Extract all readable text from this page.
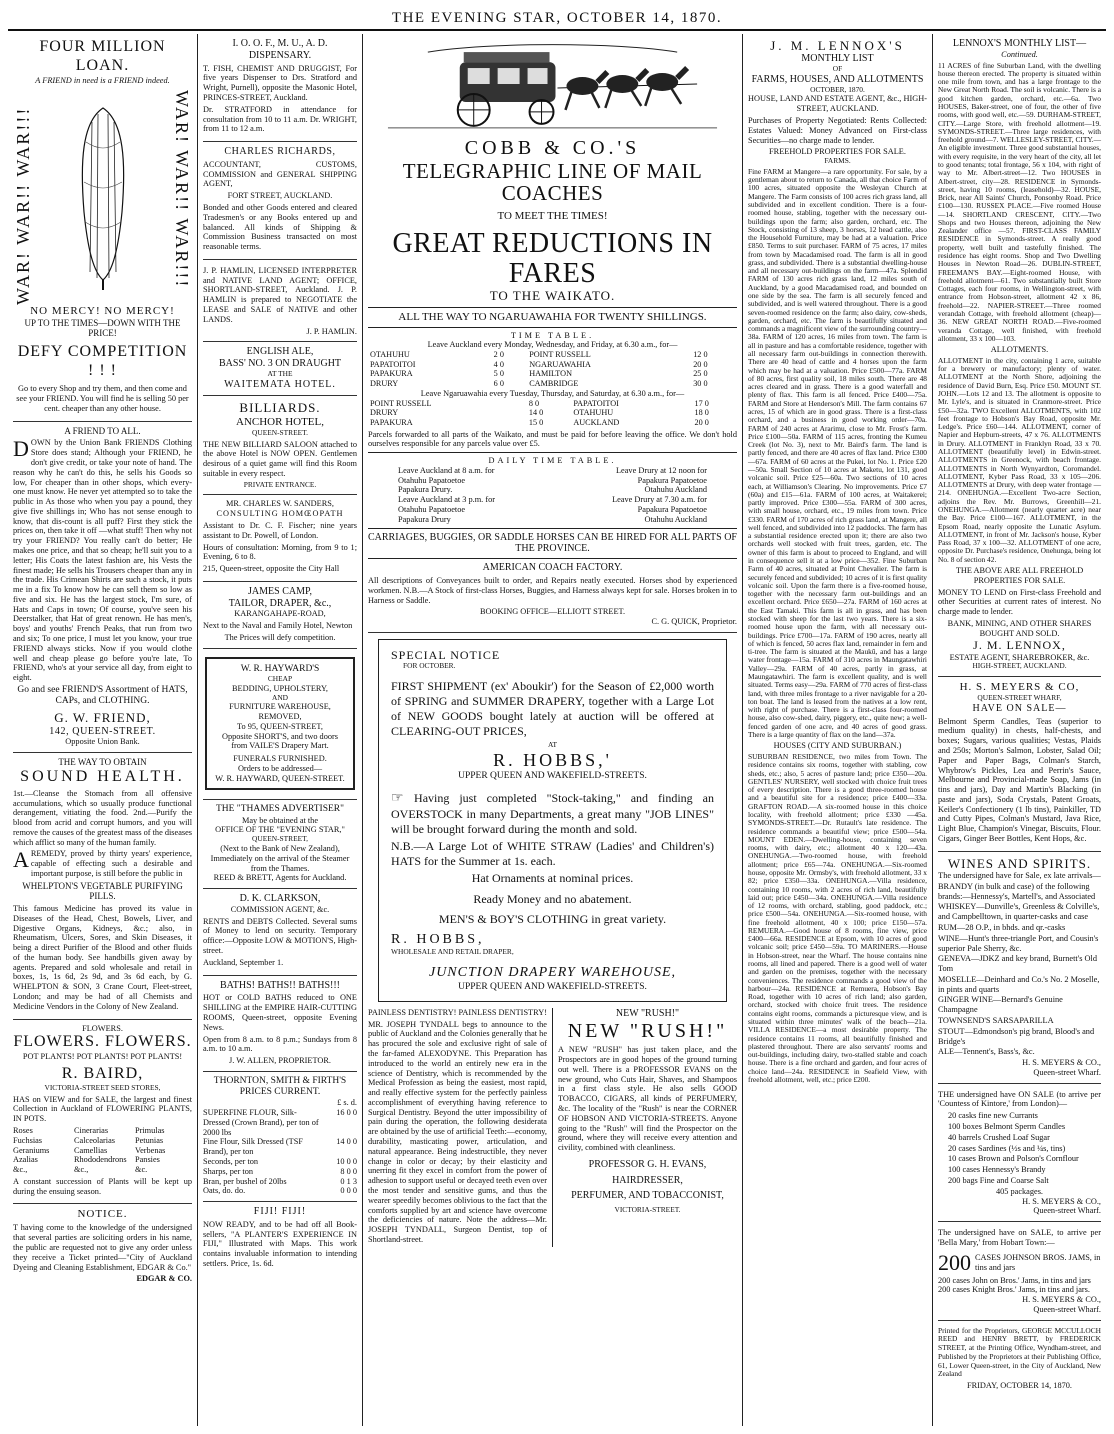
THE EVENING STAR, OCTOBER 14, 1870.
FOUR MILLION LOAN.
A FRIEND in need is a FRIEND indeed.
WAR! WAR!! WAR!!!	WAR! WAR!! WAR!!!
NO MERCY! NO MERCY!
UP TO THE TIMES—DOWN WITH THE PRICE!
DEFY COMPETITION ! ! !

Go to every Shop and try them, and then come and see your FRIEND. You will find he is selling 50 per cent. cheaper than any other house.

A FRIEND TO ALL.

DOWN by the Union Bank FRIENDS Clothing Store does stand; Although your FRIEND, he don't give credit, or take your note of hand. The reason why he can't do this, he sells his Goods so low, For cheaper than in other shops, which every-one must know. He never yet attempted so to take the public in As those who when you pay a pound, they give five shillings in; Who has not sense enough to know, that dis-count is all puff? First they stick the prices on, then take it off —what stuff! Then why not try your FRIEND? You really can't do better; He makes one price, and that so cheap; he'll suit you to a letter; His Coats the latest fashion are, his Vests the finest made; He sells his Trousers cheaper than any in the trade. His Crimean Shirts are such a stock, it puts me in a fix To know how he can sell them so low as five and six. He has the largest stock, I'm sure, of Hats and Caps in town; Of course, you've seen his Deerstalker, that Hat of great renown. He has men's, boys' and youths' French Peaks, that run from two and six; To one price, I must let you know, your true FRIEND always sticks. Now if you would clothe well and cheap please go before you're late, To FRIEND, who's at your service all day, from eight to eight.

Go and see FRIEND'S Assortment of HATS, CAPs, and CLOTHING.
G. W. FRIEND,
142, QUEEN-STREET.
Opposite Union Bank.
THE WAY TO OBTAIN
SOUND HEALTH.

1st.—Cleanse the Stomach from all offensive accumulations, which so usually produce functional derangement, vitiating the food. 2nd.—Purify the blood from acrid and corrupt humors, and you will remove the causes of the greatest mass of the diseases which afflict so many of the human family.

AREMEDY, proved by thirty years' experience, capable of effecting such a desirable and important purpose, is still before the public in

WHELPTON'S VEGETABLE PURIFYING PILLS.

This famous Medicine has proved its value in Diseases of the Head, Chest, Bowels, Liver, and Digestive Organs, Kidneys, &c.; also, in Rheumatism, Ulcers, Sores, and Skin Diseases, it being a direct Purifier of the Blood and other fluids of the human body. See handbills given away by agents. Prepared and sold wholesale and retail in boxes, 1s, 1s 6d, 2s 9d, and 3s 6d each, by G. WHELPTON & SON, 3 Crane Court, Fleet-street, London; and may be had of all Chemists and Medicine Vendors in the Colony of New Zealand.

FLOWERS.
FLOWERS. FLOWERS.
POT PLANTS! POT PLANTS! POT PLANTS!
R. BAIRD,
VICTORIA-STREET SEED STORES,

HAS on VIEW and for SALE, the largest and finest Collection in Auckland of FLOWERING PLANTS, IN POTS.

Roses	Cinerarias	Primulas
Fuchsias	Calceolarias	Petunias
Geraniums	Camellias	Verbenas
Azalias	Rhododendrons	Pansies
&c.,	&c.,	&c.

A constant succession of Plants will be kept up during the ensuing season.

NOTICE.

T having come to the knowledge of the undersigned that several parties are soliciting orders in his name, the public are requested not to give any order unless they receive a Ticket printed—"City of Auckland Dyeing and Cleaning Establishment, EDGAR & Co."

EDGAR & CO.
I. O. O. F., M. U., A. D. DISPENSARY.

T. FISH, CHEMIST AND DRUGGIST, For five years Dispenser to Drs. Stratford and Wright, Purnell), opposite the Masonic Hotel, PRINCES-STREET, Auckland.

Dr. STRATFORD in attendance for consultation from 10 to 11 a.m. Dr. WRIGHT, from 11 to 12 a.m.

CHARLES RICHARDS,

ACCOUNTANT, CUSTOMS, COMMISSION and GENERAL SHIPPING AGENT,

FORT STREET, AUCKLAND.

Bonded and other Goods entered and cleared Tradesmen's or any Books entered up and balanced. All kinds of Shipping & Commission Business transacted on most reasonable terms.

J. P. HAMLIN, LICENSED INTERPRETER and NATIVE LAND AGENT; OFFICE, SHORTLAND-STREET, Auckland. J. P. HAMLIN is prepared to NEGOTIATE the LEASE and SALE of NATIVE and other LANDS.

J. P. HAMLIN.
ENGLISH ALE,
BASS' NO. 3 ON DRAUGHT
AT THE
WAITEMATA HOTEL.
BILLIARDS.
ANCHOR HOTEL,
QUEEN-STREET.

THE NEW BILLIARD SALOON attached to the above Hotel is NOW OPEN. Gentlemen desirous of a quiet game will find this Room suitable in every respect.

PRIVATE ENTRANCE.
MR. CHARLES W. SANDERS,
CONSULTING HOMŒOPATH

Assistant to Dr. C. F. Fischer; nine years assistant to Dr. Powell, of London.

Hours of consultation: Morning, from 9 to 1; Evening, 6 to 8.

215, Queen-street, opposite the City Hall

JAMES CAMP,
TAILOR, DRAPER, &c.,
KARANGAHAPE-ROAD,

Next to the Naval and Family Hotel, Newton

The Prices will defy competition.
W. R. HAYWARD'S
CHEAP
BEDDING, UPHOLSTERY,
AND
FURNITURE WAREHOUSE,
REMOVED,
To 95, QUEEN-STREET,
Opposite SHORT'S, and two doors from VAILE'S Drapery Mart.
FUNERALS FURNISHED.
Orders to be addressed—
W. R. HAYWARD, QUEEN-STREET.
THE "THAMES ADVERTISER"
May be obtained at the
OFFICE OF THE "EVENING STAR,"
QUEEN-STREET,
(Next to the Bank of New Zealand),
Immediately on the arrival of the Steamer from the Thames.
REED & BRETT, Agents for Auckland.
D. K. CLARKSON,
COMMISSION AGENT, &c.

RENTS and DEBTS Collected. Several sums of Money to lend on security. Temporary office:—Opposite LOW & MOTION'S, High-street.

Auckland, September 1.

BATHS! BATHS!! BATHS!!!

HOT or COLD BATHS reduced to ONE SHILLING at the EMPIRE HAIR-CUTTING ROOMS, Queen-street, opposite Evening News.

Open from 8 a.m. to 8 p.m.; Sundays from 8 a.m. to 10 a.m.

J. W. ALLEN, PROPRIETOR.
THORNTON, SMITH & FIRTH'S PRICES CURRENT.
£ s. d.
SUPERFINE FLOUR, Silk-Dressed (Crown Brand), per ton of 2000 lbs
16 0 0
Fine Flour, Silk Dressed (TSF Brand), per ton
14 0 0
Seconds, per ton	10 0 0
Sharps, per ton	8 0 0
Bran, per bushel of 20lbs	0 1 3
Oats, do. do.	0 0 0
FIJI! FIJI!

NOW READY, and to be had off all Book-sellers, "A PLANTER'S EXPERIENCE IN FIJI," Illustrated with Maps. This work contains invaluable information to intending settlers. Price, 1s. 6d.

COBB & CO.'S
TELEGRAPHIC LINE OF MAIL COACHES
TO MEET THE TIMES!
GREAT REDUCTIONS IN FARES
TO THE WAIKATO.
ALL THE WAY TO NGARUAWAHIA FOR TWENTY SHILLINGS.
TIME TABLE.
Leave Auckland every Monday, Wednesday, and Friday, at 6.30 a.m., for—
OTAHUHU	2 0	POINT RUSSELL	12 0
PAPATOITOI	4 0	NGARUAWAHIA	20 0
PAPAKURA	5 0	HAMILTON	25 0
DRURY	6 0	CAMBRIDGE	30 0
Leave Ngaruawahia every Tuesday, Thursday, and Saturday, at 6.30 a.m., for—
POINT RUSSELL	8 0	PAPATOITOI	17 0
DRURY	14 0	OTAHUHU	18 0
PAPAKURA	15 0	AUCKLAND	20 0

Parcels forwarded to all parts of the Waikato, and must be paid for before leaving the office. We don't hold ourselves responsible for any parcels value over £5.

DAILY TIME TABLE.
Leave Auckland at 8 a.m. for	Leave Drury at 12 noon for
Otahuhu Papatoetoe	Papakura Papatoetoe
Papakura Drury.	Otahuhu Auckland
Leave Auckland at 3 p.m. for	Leave Drury at 7.30 a.m. for
Otahuhu Papatoetoe	Papakura Papatoetoe
Papakura Drury	Otahuhu Auckland
CARRIAGES, BUGGIES, OR SADDLE HORSES CAN BE HIRED FOR ALL PARTS OF THE PROVINCE.
AMERICAN COACH FACTORY.

All descriptions of Conveyances built to order, and Repairs neatly executed. Horses shod by experienced workmen. N.B.—A Stock of first-class Horses, Buggies, and Harness always kept for sale. Horses broken in to Harness or Saddle.

BOOKING OFFICE—ELLIOTT STREET.
C. G. QUICK, Proprietor.
SPECIAL NOTICE
FOR OCTOBER.

FIRST SHIPMENT (ex' Aboukir') for the Season of £2,000 worth of SPRING and SUMMER DRAPERY, together with a Large Lot of NEW GOODS bought lately at auction will be offered at CLEARING-OUT PRICES,

AT
R. HOBBS,'
UPPER QUEEN AND WAKEFIELD-STREETS.

☞ Having just completed "Stock-taking," and finding an OVERSTOCK in many Departments, a great many "JOB LINES" will be brought forward during the month and sold.

N.B.—A Large Lot of WHITE STRAW (Ladies' and Children's) HATS for the Summer at 1s. each.

Hat Ornaments at nominal prices.
Ready Money and no abatement.
MEN'S & BOY'S CLOTHING in great variety.
R. HOBBS,
WHOLESALE AND RETAIL DRAPER,
JUNCTION DRAPERY WAREHOUSE,
UPPER QUEEN AND WAKEFIELD-STREETS.
PAINLESS DENTISTRY! PAINLESS DENTISTRY!

MR. JOSEPH TYNDALL begs to announce to the public of Auckland and the Colonies generally that he has procured the sole and exclusive right of sale of the far-famed ALEXODYNE. This Preparation has introduced to the world an entirely new era in the science of Dentistry, which is recommended by the Medical Profession as being the easiest, most rapid, and really effective system for the perfectly painless accomplishment of everything having reference to Surgical Dentistry. Beyond the utter impossibility of pain during the operation, the following desiderata are obtained by the use of artificial Teeth:—economy, durability, masticating power, articulation, and natural appearance. Being indestructible, they never change in color or decay; by their elasticity and unerring fit they excel in comfort from the power of adhesion to support useful or decayed teeth even over the most tender and sensitive gums, and thus the wearer speedily becomes oblivious to the fact that the comforts supplied by art and science have overcome the deficiencies of nature. Note the address—Mr. JOSEPH TYNDALL, Surgeon Dentist, top of Shortland-street.

NEW "RUSH!"
NEW "RUSH!"

A NEW "RUSH" has just taken place, and the Prospectors are in good hopes of the ground turning out well. There is a PROFESSOR EVANS on the new ground, who Cuts Hair, Shaves, and Shampoos in a first class style. He also sells GOOD TOBACCO, CIGARS, all kinds of PERFUMERY, &c. The locality of the "Rush" is near the CORNER OF HOBSON AND VICTORIA-STREETS. Anyone going to the "Rush" will find the Prospector on the ground, where they will receive every attention and civility, combined with cleanliness.

PROFESSOR G. H. EVANS,
HAIRDRESSER,
PERFUMER, AND TOBACCONIST,
VICTORIA-STREET.
J. M. LENNOX'S
MONTHLY LIST
OF
FARMS, HOUSES, AND ALLOTMENTS
OCTOBER, 1870.
HOUSE, LAND AND ESTATE AGENT, &c., HIGH-STREET, AUCKLAND.

Purchases of Property Negotiated: Rents Collected: Estates Valued: Money Advanced on First-class Securities—no charge made to lender.

FREEHOLD PROPERTIES FOR SALE.
FARMS.

Fine FARM at Mangere—a rare opportunity. For sale, by a gentleman about to return to Canada, all that choice Farm of 100 acres, situated opposite the Wesleyan Church at Mangere. The Farm consists of 100 acres rich grass land, all subdivided and in excellent condition. There is a four-roomed house, stabling, together with the necessary out-buildings upon the farm; also garden, orchard, etc. The Stock, consisting of 13 sheep, 3 horses, 12 head cattle, also the Household Furniture, may be had at a valuation. Price £850. Terms to suit purchaser. FARM of 75 acres, 17 miles from town by Macadamised road. The farm is all in good grass, and subdivided. There is a substantial dwelling-house and all necessary out-buildings on the farm—47a. Splendid FARM of 130 acres rich grass land, 12 miles south of Auckland, by a good Macadamised road, and bounded on one side by the sea. The farm is all securely fenced and subdivided, and is well watered throughout. There is a good seven-roomed residence on the farm; also dairy, cow-sheds, garden, orchard, etc. The farm is beautifully situated and commands a magnificent view of the surrounding country—38a. FARM of 120 acres, 16 miles from town. The farm is all in pasture and has a comfortable residence, together with all necessary farm out-buildings in connection therewith. There are 40 head of cattle and 4 horses upon the farm which may be had at a valuation. Price £500—77a. FARM of 80 acres, first quality soil, 18 miles south. There are 48 acres cleared and in grass. There is a good waterfall and plenty of flax. This farm is all fenced. Price £400—75a. FARM and Store at Henderson's Mill. The farm contains 67 acres, 15 of which are in good grass. There is a first-class orchard, and a business in good working order—70a. FARM of 240 acres at Ararimu, close to Mr. Frost's farm. Price £100—50a. FARM of 115 acres, fronting the Kumeu Creek (lot No. 3), next to Mr. Baird's farm. The land is partly fenced, and there are 40 acres of flax land. Price £300—67a. FARM of 60 acres at the Pukei, lot No. 1. Price £20 —50a. Small Section of 10 acres at Maketu, lot 131, good volcanic soil. Price £25—60a. Two sections of 10 acres each, at Williamson's Clearing. No improvements. Price £7 (60a) and £15—61a. FARM of 100 acres, at Waitakerei; partly improved. Price £300—55a. FARM of 300 acres, with small house, orchard, etc., 19 miles from town. Price £330. FARM of 170 acres of rich grass land, at Mangere, all well fenced, and subdivided into 12 paddocks. The farm has a substantial residence erected upon it; there are also two orchards well stocked with fruit trees, garden, etc. The owner of this farm is about to proceed to England, and will in consequence sell it at a low price—352. Fine Suburban Farm of 40 acres, situated at Point Chevalier. The farm is securely fenced and subdivided; 10 acres of it is first quality volcanic soil. Upon the farm there is a five-roomed house, together with the necessary farm out-buildings and an excellent orchard. Price £650—27a. FARM of 160 acres at the East Tamaki. This farm is all in grass, and has been stocked with sheep for the last two years. There is a six-roomed house upon the farm, with all necessary out-buildings. Price £700—17a. FARM of 190 acres, nearly all of which is fenced, 50 acres flax land, remainder in fern and ti-tree. The farm is situated at the Maukū, and has a large water frontage—15a. FARM of 310 acres in Maungatawhiri Valley—29a. FARM of 40 acres, partly in grass, at Maungatawhiri. The farm is excellent quality, and is well situated. Terms easy—29a. FARM of 770 acres of first-class land, with three miles frontage to a river navigable for a 20-ton boat. The land is leased from the natives at a low rent, with right of purchase. There is a first-class four-roomed house, also cow-shed, dairy, piggery, etc., quite new; a well-fenced garden of one acre, and 40 acres of good grass. There is a large quantity of flax on the land—37a.

HOUSES (CITY AND SUBURBAN.)

SUBURBAN RESIDENCE, two miles from Town. The residence contains six rooms, together with stabling, cow sheds, etc.; also, 5 acres of pasture land; price £350—20a. GENTLES' NURSERY, well stocked with choice fruit trees of every description. There is a good three-roomed house and a beautiful site for a residence; price £400—33a. GRAFTON ROAD.—A six-roomed house in this choice locality, with freehold allotment; price £330 —45a. SYMONDS-STREET.—Dr. Rutault's late residence. The residence commands a beautiful view; price £500—54a. MOUNT EDEN.—Dwelling-house, containing seven rooms, with dairy, etc.; allotment 40 x 120—43a. ONEHUNGA.—Two-roomed house, with freehold allotment; price £65—74a. ONEHUNGA.—Six-roomed house, opposite Mr. Ormsby's, with freehold allotment, 33 x 82; price £350—33a. ONEHUNGA.—Villa residence, containing 10 rooms, with 2 acres of rich land, beautifully laid out; price £450—34a. ONEHUNGA.—Villa residence of 12 rooms, with orchard, stabling, good paddock, etc.; price £500—54a. ONEHUNGA.—Six-roomed house, with fine freehold allotment, 40 x 100; price £150—57a. REMUERA.—Good house of 8 rooms, fine view, price £400—66a. RESIDENCE at Epsom, with 10 acres of good volcanic soil; price £450—59a. TO MARINERS.—House in Hobson-street, near the Wharf. The house contains nine rooms, all lined and papered. There is a good well of water and garden on the premises, together with the necessary conveniences. The residence commands a good view of the harbour—24a. RESIDENCE at Remuera, Hobson's Bay Road, together with 10 acres of rich land; also garden, orchard, stocked with choice fruit trees. The residence contains eight rooms, commands a picturesque view, and is situated within three minutes' walk of the beach—21a. VILLA RESIDENCE—a most desirable property. The residence contains 11 rooms, all beautifully finished and plastered throughout. There are also servants' rooms and out-buildings, including dairy, two-stalled stable and coach house. There is a fine orchard and garden, and four acres of choice land—24a. RESIDENCE in Seafield View, with freehold allotment, well, etc.; price £200.

LENNOX'S MONTHLY LIST—
Continued.

11 ACRES of fine Suburban Land, with the dwelling house thereon erected. The property is situated within one mile from town, and has a large frontage to the New Great North Road. The soil is volcanic. There is a good kitchen garden, orchard, etc.—6a. Two HOUSES, Baker-street, one of four, the other of five rooms, with good well, etc.—59. DURHAM-STREET, CITY.—Large Store, with freehold allotment—19. SYMONDS-STREET.—Three large residences, with freehold ground—7. WELLESLEY-STREET, CITY.—An eligible investment. Three good substantial houses, with every requisite, in the very heart of the city, all let to good tenants; total frontage, 56 x 104, with right of way to Mr. Albert-street—12. Two HOUSES in Albert-street, city—28. RESIDENCE in Symonds-street, having 10 rooms, (leasehold)—32. HOUSE, Brick, near All Saints' Church, Ponsonby Road. Price £100—130. RUSSEX PLACE.—Five roomed House—14. SHORTLAND CRESCENT, CITY.—Two Shops and two Houses thereon, adjoining the New Zealander office —57. FIRST-CLASS FAMILY RESIDENCE in Symonds-street. A really good property, well built and tastefully finished. The residence has eight rooms. Shop and Two Dwelling Houses in Newton Road—26. DUBLIN-STREET, FREEMAN'S BAY.—Eight-roomed House, with freehold allotment—61. Two substantially built Store Cottages, each four rooms, in Wellington-street, with entrance from Hobson-street, allotment 42 x 86, freehold—22. NAPIER-STREET.—Three roomed verandah Cottage, with freehold allotment (cheap)—36. NEW GREAT NORTH ROAD.—Five-roomed veranda Cottage, well finished, with freehold allotment, 33 x 100—103.

ALLOTMENTS.

ALLOTMENT in the city, containing 1 acre, suitable for a brewery or manufactory; plenty of water. ALLOTMENT at the North Shore, adjoining the residence of David Burn, Esq. Price £50. MOUNT ST. JOHN.—Lots 12 and 13. The allotment is opposite to Mr. Lyle's, and is situated in Cranmore-street. Price £50—32a. TWO Excellent ALLOTMENTS, with 102 feet frontage to Hobson's Bay Road, opposite Mr. Ledge's. Price £60—144. ALLOTMENT, corner of Napier and Hepburn-streets, 47 x 76. ALLOTMENTS in Drury. ALLOTMENT in Franklyn Road, 33 x 70. ALLOTMENT (beautifully level) in Edwin-street. ALLOTMENTS in Greenock, with beach frontage. ALLOTMENTS in North Wynyardton, Coromandel. ALLOTMENT, Kyber Pass Road, 33 x 105—206. ALLOTMENTS at Drury, with deep water frontage —214. ONEHUNGA.—Excellent Two-acre Section, adjoins the Rev. Mr. Burrows, Greenhill—21. ONEHUNGA.—Allotment (nearly quarter acre) near the Bay. Price £100—167. ALLOTMENT, in the Epsom Road, nearly opposite the Lunatic Asylum. ALLOTMENT, in front of Mr. Jackson's house, Kyber Pass Road, 37 x 100—32. ALLOTMENT of one acre, opposite Dr. Purchase's residence, Onehunga, being lot No. 8 of section 42.

THE ABOVE ARE ALL FREEHOLD PROPERTIES FOR SALE.

MONEY TO LEND on First-class Freehold and other Securities at current rates of interest. No charge made to lender.

BANK, MINING, AND OTHER SHARES BOUGHT AND SOLD.
J. M. LENNOX,
ESTATE AGENT, SHAREBROKER, &c.
HIGH-STREET, AUCKLAND.
H. S. MEYERS & CO,
QUEEN-STREET WHARF,
HAVE ON SALE—

Belmont Sperm Candles, Teas (superior to medium quality) in chests, half-chests, and boxes; Sugars, various qualities; Vestas, Plaids and 250s; Morton's Salmon, Lobster, Salad Oil; Paper and Paper Bags, Colman's Starch, Whybrow's Pickles, Lea and Perrin's Sauce, Melbourne and Provincial-made Soap, Jams (in tins and jars), Day and Martin's Blacking (in paste and jars), Soda Crystals, Patent Groats, Keiler's Confectionery (1 lb tins), Painkiller, TD and Cutty Pipes, Colman's Mustard, Java Rice, Light Blue, Champion's Vinegar, Biscuits, Flour. Cigars, Ginger Beer Bottles, Kent Hops, &c.

WINES AND SPIRITS.
The undersigned have for Sale, ex late arrivals—
BRANDY (in bulk and case) of the following brands:—Hennessy's, Martell's, and Associated
WHISKEY—Dunville's, Greenless & Colville's, and Campbelltown, in quarter-casks and case
RUM—28 O.P., in bhds. and qr.-casks
WINE—Hunt's three-triangle Port, and Cousin's superior Pale Sherry, &c.
GENEVA—JDKZ and key brand, Burnett's Old Tom
MOSELLE—Deinhard and Co.'s No. 2 Moselle, in pints and quarts
GINGER WINE—Bernard's Genuine Champagne
TOWNSEND'S SARSAPARILLA
STOUT—Edmondson's pig brand, Blood's and Bridge's
ALE—Tennent's, Bass's, &c.
H. S. MEYERS & CO.,
Queen-street Wharf.

THE undersigned have ON SALE (to arrive per 'Countess of Kintore,' from London)—

20 casks fine new Currants
100 boxes Belmont Sperm Candles
40 barrels Crushed Loaf Sugar
20 cases Sardines (½s and ¼s, tins)
10 cases Brown and Polson's Cornflour
100 cases Hennessy's Brandy
200 bags Fine and Coarse Salt
405 packages.
H. S. MEYERS & CO.,
Queen-street Wharf.

The undersigned have on SALE, to arrive per 'Bella Mary,' from Hobart Town:—

200 CASES JOHNSON BROS. JAMS, in tins and jars
200 cases John on Bros.' Jams, in tins and jars
200 cases Knight Bros.' Jams, in tins and jars.
H. S. MEYERS & CO.,
Queen-street Wharf.

Printed for the Proprietors, GEORGE MCCULLOCH REED and HENRY BRETT, by FREDERICK STREET, at the Printing Office, Wyndham-street, and Published by the Proprietors at their Publishing Office, 61, Lower Queen-street, in the City of Auckland, New Zealand

FRIDAY, OCTOBER 14, 1870.
